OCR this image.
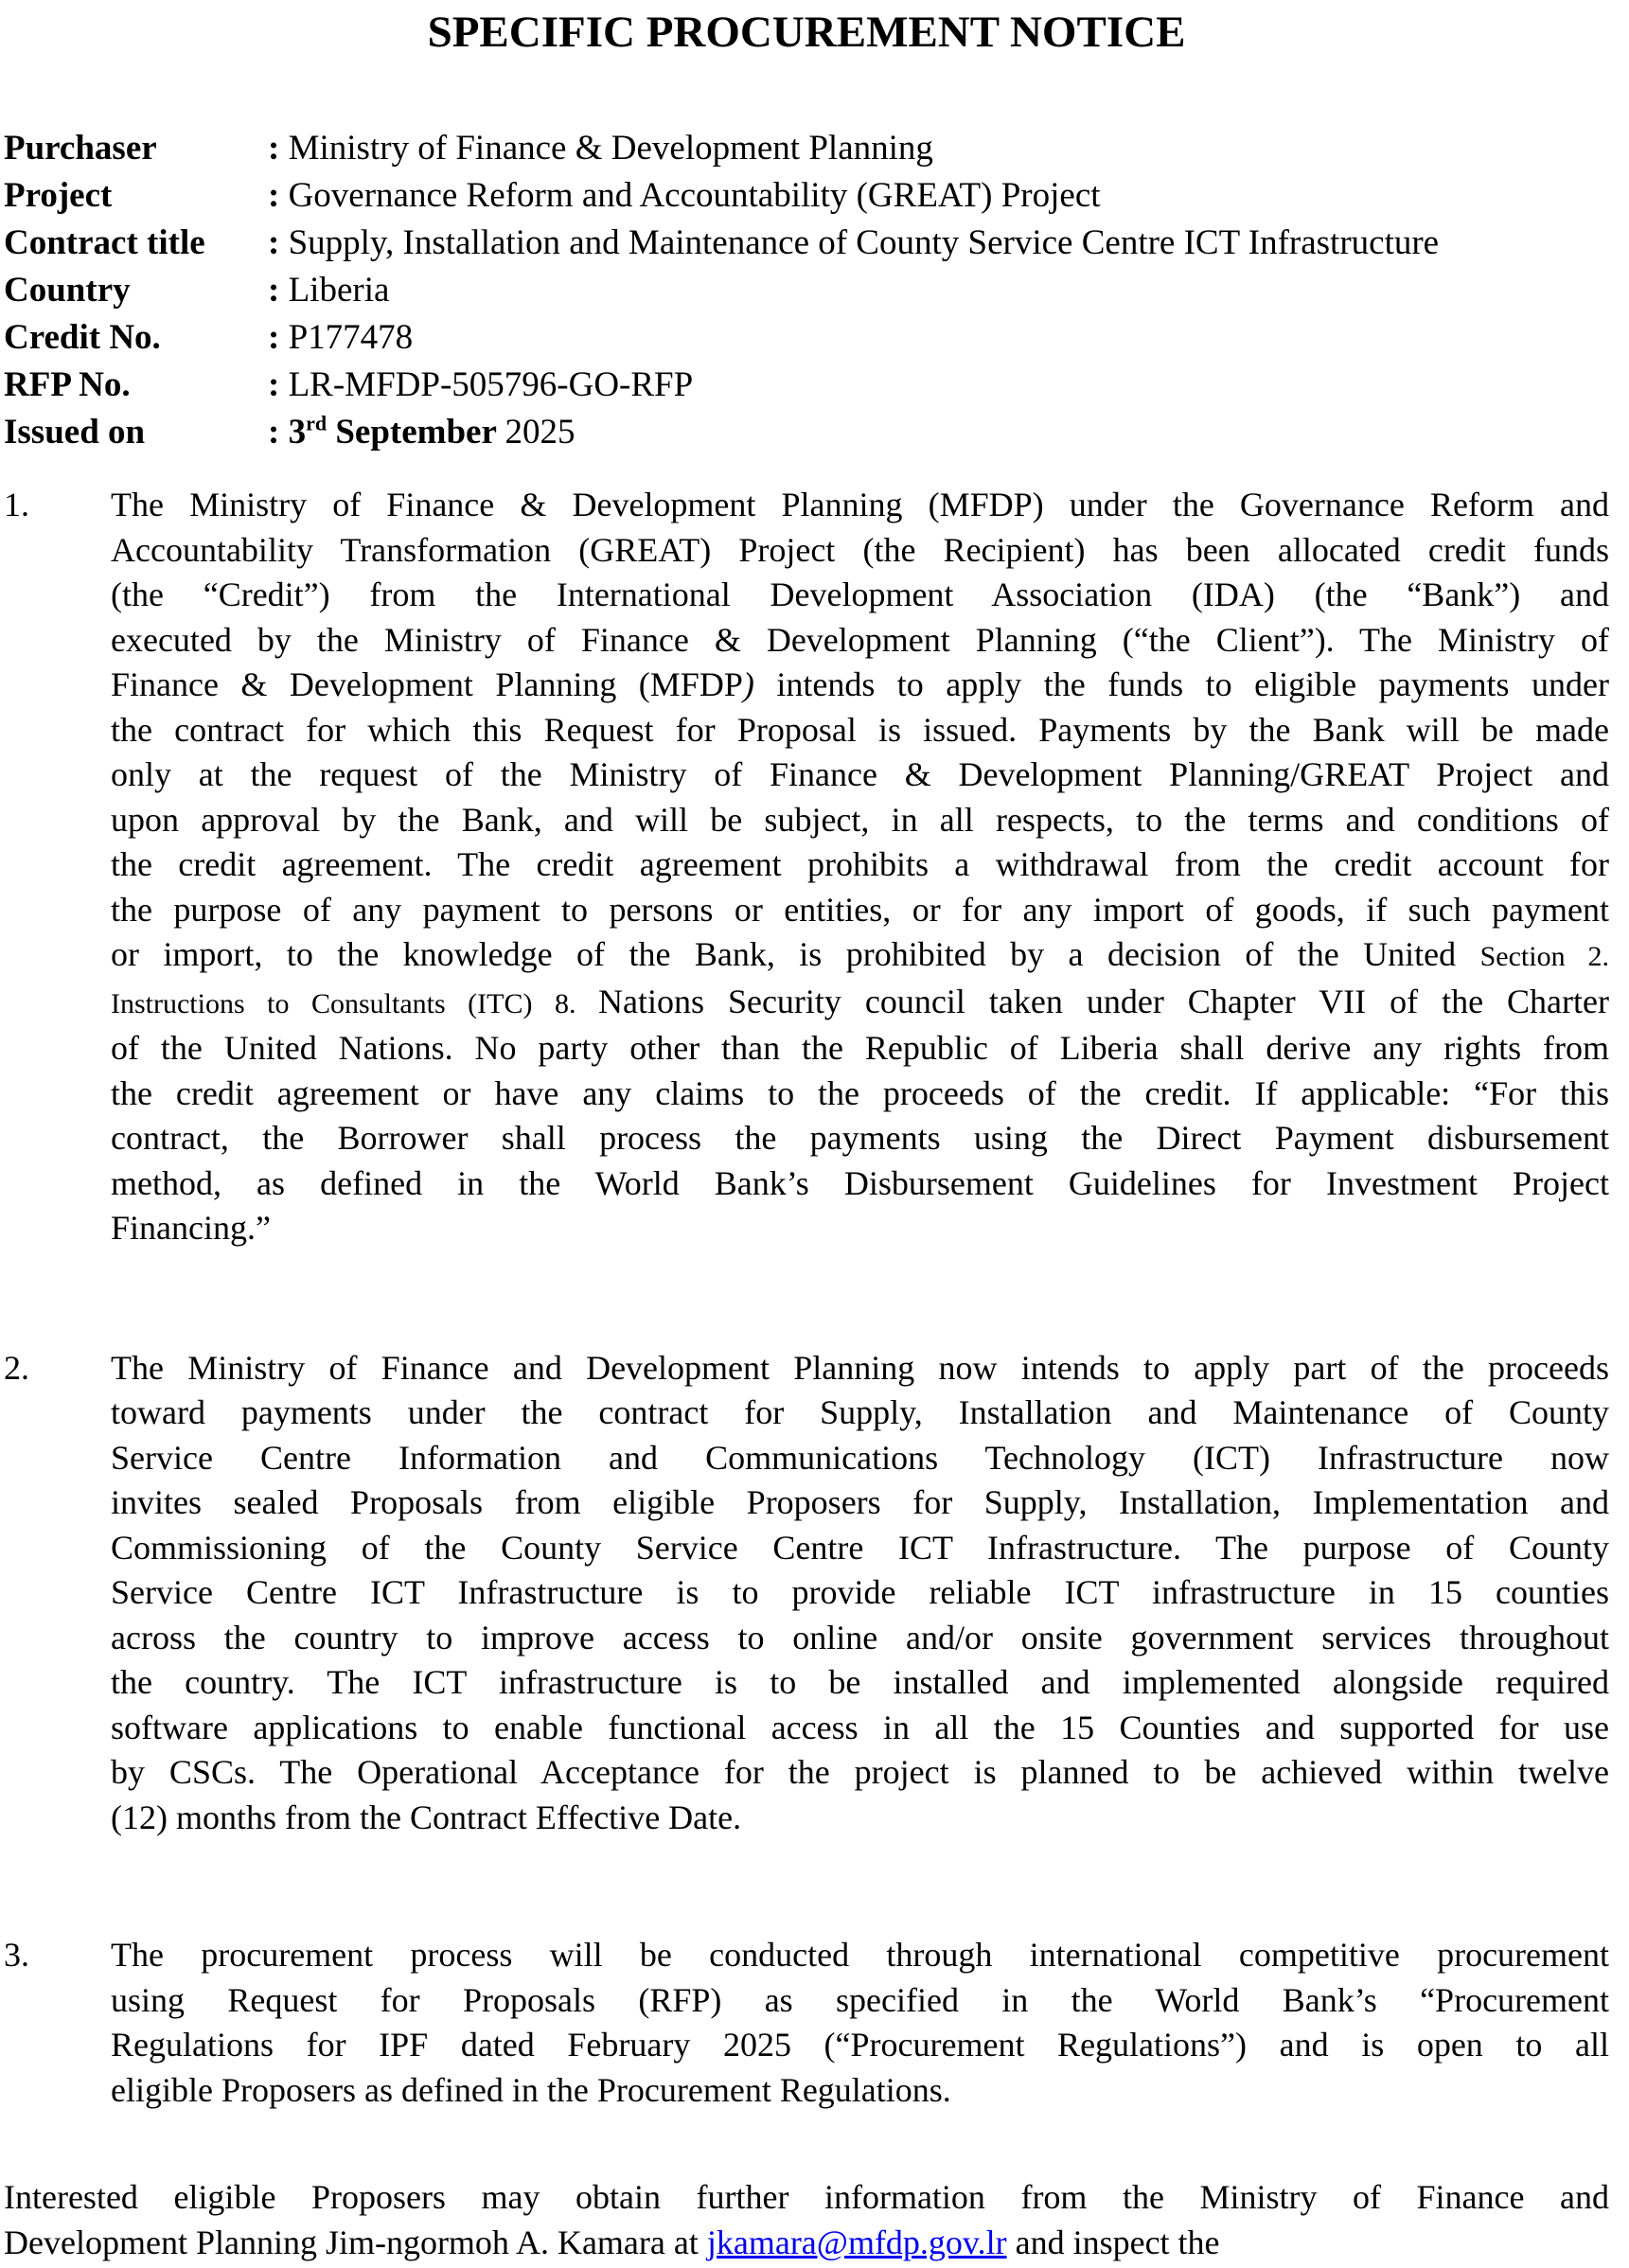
SPECIFIC PROCUREMENT NOTICE
Purchaser	: Ministry of Finance & Development Planning
Project	: Governance Reform and Accountability (GREAT) Project
Contract title	: Supply, Installation and Maintenance of County Service Centre ICT Infrastructure
Country	: Liberia
Credit No.	: P177478
RFP No.	: LR-MFDP-505796-GO-RFP
Issued on	: 3rd September 2025
1. The Ministry of Finance & Development Planning (MFDP) under the Governance Reform and
Accountability Transformation (GREAT) Project (the Recipient) has been allocated credit funds
(the “Credit”) from the International Development Association (IDA) (the “Bank”) and
executed by the Ministry of Finance & Development Planning (“the Client”). The Ministry of
Finance & Development Planning (MFDP) intends to apply the funds to eligible payments under
the contract for which this Request for Proposal is issued. Payments by the Bank will be made
only at the request of the Ministry of Finance & Development Planning/GREAT Project and
upon approval by the Bank, and will be subject, in all respects, to the terms and conditions of
the credit agreement. The credit agreement prohibits a withdrawal from the credit account for
the purpose of any payment to persons or entities, or for any import of goods, if such payment
or import, to the knowledge of the Bank, is prohibited by a decision of the United Section 2.
Instructions to Consultants (ITC) 8. Nations Security council taken under Chapter VII of the Charter
of the United Nations. No party other than the Republic of Liberia shall derive any rights from
the credit agreement or have any claims to the proceeds of the credit. If applicable: “For this
contract, the Borrower shall process the payments using the Direct Payment disbursement
method, as defined in the World Bank’s Disbursement Guidelines for Investment Project
Financing.”
2. The Ministry of Finance and Development Planning now intends to apply part of the proceeds
toward payments under the contract for Supply, Installation and Maintenance of County
Service Centre Information and Communications Technology (ICT) Infrastructure now
invites sealed Proposals from eligible Proposers for Supply, Installation, Implementation and
Commissioning of the County Service Centre ICT Infrastructure. The purpose of County
Service Centre ICT Infrastructure is to provide reliable ICT infrastructure in 15 counties
across the country to improve access to online and/or onsite government services throughout
the country. The ICT infrastructure is to be installed and implemented alongside required
software applications to enable functional access in all the 15 Counties and supported for use
by CSCs. The Operational Acceptance for the project is planned to be achieved within twelve
(12) months from the Contract Effective Date.
3. The procurement process will be conducted through international competitive procurement
using Request for Proposals (RFP) as specified in the World Bank’s “Procurement
Regulations for IPF dated February 2025 (“Procurement Regulations”) and is open to all
eligible Proposers as defined in the Procurement Regulations.
Interested eligible Proposers may obtain further information from the Ministry of Finance and
Development Planning Jim-ngormoh A. Kamara at jkamara@mfdp.gov.lr and inspect the
